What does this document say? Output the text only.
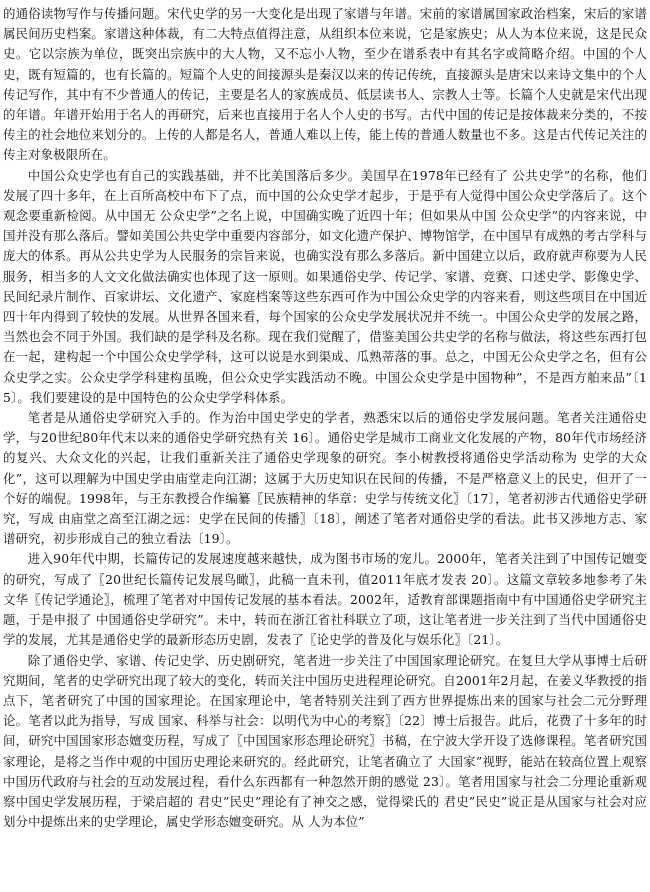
的通俗读物写作与传播问题。宋代史学的另一大变化是出现了家谱与年谱。宋前的家谱属国家政治档案，宋后的家谱属民间历史档案。家谱这种体裁，有二大特点值得注意，从组织本位来说，它是家族史；从人为本位来说，这是民众史。它以宗族为单位，既突出宗族中的大人物，又不忘小人物，至少在谱系表中有其名字或简略介绍。中国的个人史，既有短篇的，也有长篇的。短篇个人史的间接源头是秦汉以来的传记传统，直接源头是唐宋以来诗文集中的个人传记写作，其中有不少普通人的传记，主要是名人的家族成员、低层读书人、宗教人士等。长篇个人史就是宋代出现的年谱。年谱开始用于名人的再研究，后来也直接用于名人个人史的书写。古代中国的传记是按体裁来分类的，不按传主的社会地位来划分的。上传的人都是名人，普通人难以上传，能上传的普通人数量也不多。这是古代传记关注的传主对象极限所在。

中国公众史学也有自己的实践基础，并不比美国落后多少。美国早在1978年已经有了 公共史学”的名称，他们发展了四十多年，在上百所高校中布下了点，而中国的公众史学才起步，于是乎有人觉得中国公众史学落后了。这个观念要重新检阅。从中国无 公众史学”之名上说，中国确实晚了近四十年；但如果从中国 公众史学”的内容来说，中国并没有那么落后。譬如美国公共史学中重要内容部分，如文化遗产保护、博物馆学，在中国早有成熟的考古学科与庞大的体系。再从公共史学为人民服务的宗旨来说，也确实没有那么多落后。新中国建立以后，政府就声称要为人民服务，相当多的人文文化做法确实也体现了这一原则。如果通俗史学、传记学、家谱、竞赛、口述史学、影像史学、民间纪录片制作、百家讲坛、文化遗产、家庭档案等这些东西可作为中国公众史学的内容来看，则这些项目在中国近四十年内得到了较快的发展。从世界各国来看，每个国家的公众史学发展状况并不统一。中国公众史学的发展之路，当然也会不同于外国。我们缺的是学科及名称。现在我们觉醒了，借鉴美国公共史学的名称与做法，将这些东西打包在一起，建构起一个中国公众史学学科，这可以说是水到渠成、瓜熟蒂落的事。总之，中国无公众史学之名，但有公众史学之实。公众史学学科建构虽晚，但公众史学实践活动不晚。中国公众史学是中国物种”，不是西方舶来品”〔15〕。我们要建设的是中国特色的公众史学学科体系。

笔者是从通俗史学研究入手的。作为治中国史学史的学者，熟悉宋以后的通俗史学发展问题。笔者关注通俗史学，与20世纪80年代末以来的通俗史学研究热有关 16〕。通俗史学是城市工商业文化发展的产物，80年代市场经济的复兴、大众文化的兴起，让我们重新关注了通俗史学现象的研究。李小树教授将通俗史学活动称为 史学的大众化”，这可以理解为中国史学由庙堂走向江湖；这属于大历史知识在民间的传播，不是严格意义上的民史，但开了一个好的端倪。1998年，与王东教授合作编纂〖民族精神的华章：史学与传统文化〗〔17〕，笔者初涉古代通俗史学研究，写成 由庙堂之高至江湖之远：史学在民间的传播〗〔18〕，阐述了笔者对通俗史学的看法。此书又涉地方志、家谱研究，初步形成自己的独立看法〔19〕。

进入90年代中期，长篇传记的发展速度越来越快，成为图书市场的宠儿。2000年，笔者关注到了中国传记嬗变的研究，写成了〖20世纪长篇传记发展鸟瞰〗，此稿一直未刊，值2011年底才发表 20〕。这篇文章较多地参考了朱文华〖传记学通论〗，梳理了笔者对中国传记发展的基本看法。2002年，适教育部课题指南中有中国通俗史学研究主题，于是申报了 中国通俗史学研究”。未中，转而在浙江省社科联立了项，这让笔者进一步关注到了当代中国通俗史学的发展，尤其是通俗史学的最新形态历史剧，发表了〖论史学的普及化与娱乐化〗〔21〕。

除了通俗史学、家谱、传记史学、历史剧研究，笔者进一步关注了中国国家理论研究。在复旦大学从事博士后研究期间，笔者的史学研究出现了较大的变化，转而关注中国历史进程理论研究。自2001年2月起，在姜义华教授的指点下，笔者研究了中国的国家理论。在国家理论中，笔者特别关注到了西方世界提炼出来的国家与社会二元分野理论。笔者以此为指导，写成 国家、科举与社会：以明代为中心的考察〗〔22〕博士后报告。此后，花费了十多年的时间，研究中国国家形态嬗变历程，写成了〖中国国家形态理论研究〗书稿，在宁波大学开设了选修课程。笔者研究国家理论，是将之当作中观的中国历史理论来研究的。经此研究，让笔者确立了 大国家”视野，能站在较高位置上观察中国历代政府与社会的互动发展过程，看什么东西都有一种忽然开朗的感觉 23〕。笔者用国家与社会二分理论重新观察中国史学发展历程，于梁启超的 君史”民史”理论有了神交之感，觉得梁氏的 君史”民史”说正是从国家与社会对应划分中提炼出来的史学理论，属史学形态嬗变研究。从 人为本位”
